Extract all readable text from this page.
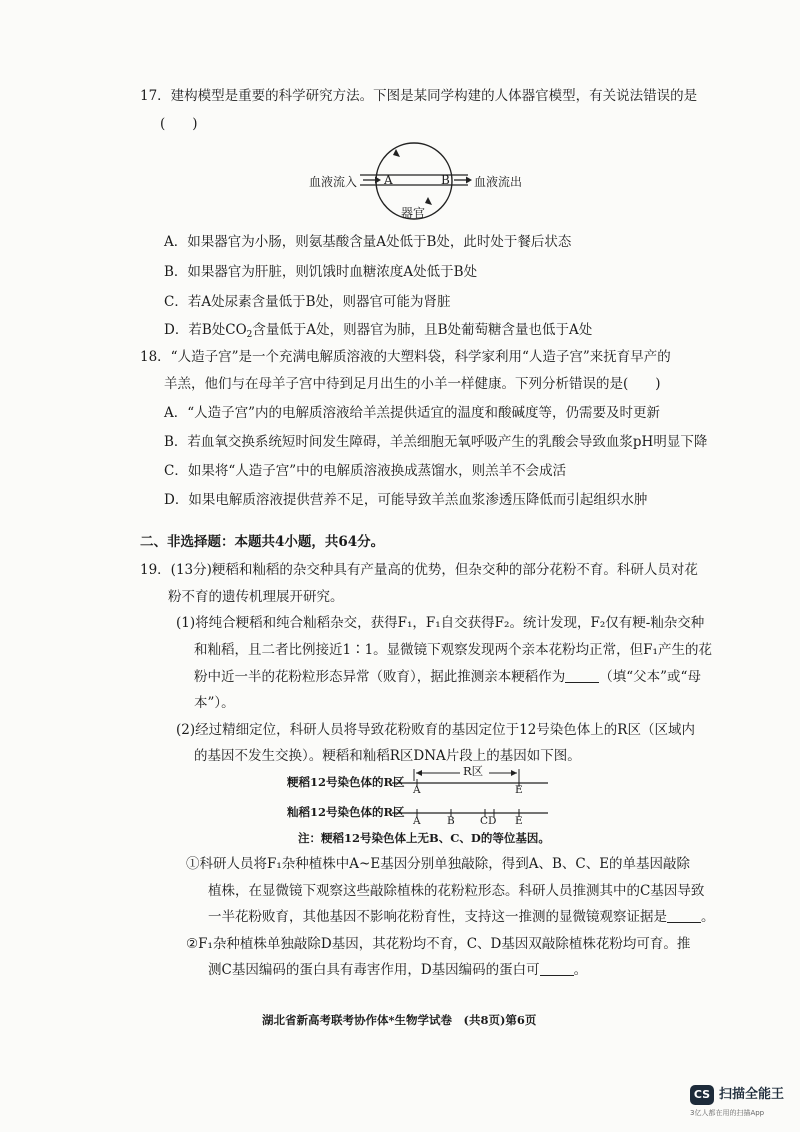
17．建构模型是重要的科学研究方法。下图是某同学构建的人体器官模型，有关说法错误的是
(　　)
血液流入 A	B 血液流出
器官
A．如果器官为小肠，则氨基酸含量A处低于B处，此时处于餐后状态
B．如果器官为肝脏，则饥饿时血糖浓度A处低于B处
C．若A处尿素含量低于B处，则器官可能为肾脏
D．若B处$CO_2$含量低于A处，则器官为肺，且B处葡萄糖含量也低于A处
18．“人造子宫”是一个充满电解质溶液的大塑料袋，科学家利用“人造子宫”来抚育早产的
羊羔，他们与在母羊子宫中待到足月出生的小羊一样健康。下列分析错误的是(　　)
A．“人造子宫”内的电解质溶液给羊羔提供适宜的温度和酸碱度等，仍需要及时更新
B．若血氧交换系统短时间发生障碍，羊羔细胞无氧呼吸产生的乳酸会导致血浆pH明显下降
C．如果将“人造子宫”中的电解质溶液换成蒸馏水，则羔羊不会成活
D．如果电解质溶液提供营养不足，可能导致羊羔血浆渗透压降低而引起组织水肿
二、非选择题：本题共4小题，共64分。
19．(13分)粳稻和籼稻的杂交种具有产量高的优势，但杂交种的部分花粉不育。科研人员对花
粉不育的遗传机理展开研究。
(1)将纯合粳稻和纯合籼稻杂交，获得F₁，F₁自交获得F₂。统计发现，F₂仅有粳-籼杂交种
和籼稻，且二者比例接近1∶1。显微镜下观察发现两个亲本花粉均正常，但F₁产生的花
粉中近一半的花粉粒形态异常（败育），据此推测亲本粳稻作为	（填“父本”或“母
本”）。
(2)经过精细定位，科研人员将导致花粉败育的基因定位于12号染色体上的R区（区域内
的基因不发生交换）。粳稻和籼稻R区DNA片段上的基因如下图。
R区
粳稻12号染色体的R区
A	E
籼稻12号染色体的R区
A	B CD E
注：粳稻12号染色体上无B、C、D的等位基因。
①科研人员将F₁杂种植株中A~E基因分别单独敲除，得到A、B、C、E的单基因敲除
植株，在显微镜下观察这些敲除植株的花粉粒形态。科研人员推测其中的C基因导致
一半花粉败育，其他基因不影响花粉育性，支持这一推测的显微镜观察证据是	。
②F₁杂种植株单独敲除D基因，其花粉均不育，C、D基因双敲除植株花粉均可育。推
测C基因编码的蛋白具有毒害作用，D基因编码的蛋白可	。
湖北省新高考联考协作体*生物学试卷　(共8页)第6页
CS 扫描全能王
3亿人都在用的扫描App
